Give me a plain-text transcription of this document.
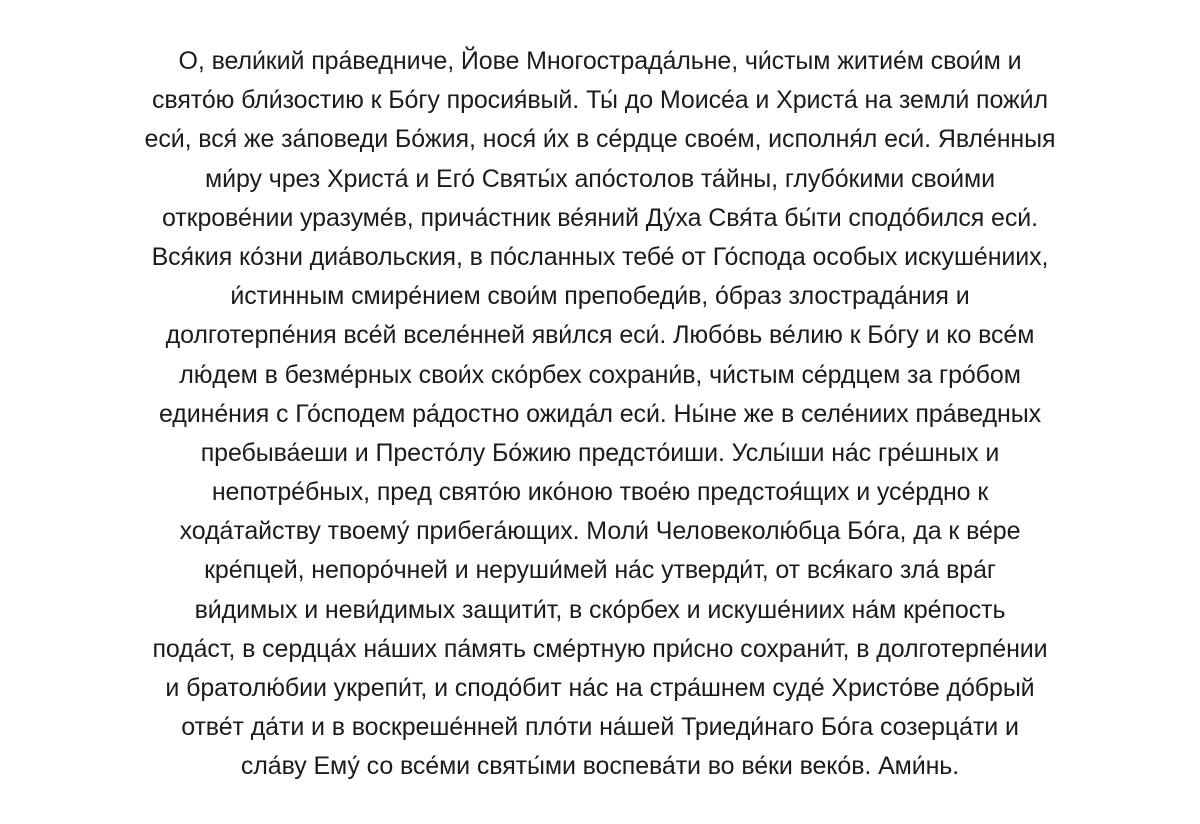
О, вели́кий пра́ведниче, Йове Многострада́льне, чи́стым житие́м свои́м и
свято́ю бли́зостию к Бо́гу просия́вый. Ты́ до Моисе́а и Христа́ на земли́ пожи́л
еси́, вся́ же за́поведи Бо́жия, нося́ и́х в се́рдце свое́м, исполня́л еси́. Явле́нныя
ми́ру чрез Христа́ и Его́ Святы́х апо́столов та́йны, глубо́кими свои́ми
открове́нии уразуме́в, прича́стник ве́яний Ду́ха Свя́та бы́ти сподо́бился еси́.
Вся́кия ко́зни диа́вольския, в по́сланных тебе́ от Го́спода особых искуше́ниих,
и́стинным смире́нием свои́м препобеди́в, о́браз злострада́ния и
долготерпе́ния все́й вселе́нней яви́лся еси́. Любо́вь ве́лию к Бо́гу и ко все́м
лю́дем в безме́рных свои́х ско́рбех сохрани́в, чи́стым се́рдцем за гро́бом
едине́ния с Го́сподем ра́достно ожида́л еси́. Ны́не же в селе́ниих пра́ведных
пребыва́еши и Престо́лу Бо́жию предсто́иши. Услы́ши на́с гре́шных и
непотре́бных, пред свято́ю ико́ною твое́ю предстоя́щих и усе́рдно к
хода́тайству твоему́ прибега́ющих. Моли́ Человеколю́бца Бо́га, да к ве́ре
кре́пцей, непоро́чней и неруши́мей на́с утверди́т, от вся́каго зла́ вра́г
ви́димых и неви́димых защити́т, в ско́рбех и искуше́ниих на́м кре́пость
пода́ст, в сердца́х на́ших па́мять сме́ртную при́сно сохрани́т, в долготерпе́нии
и братолю́бии укрепи́т, и сподо́бит на́с на стра́шнем суде́ Христо́ве до́брый
отве́т да́ти и в воскреше́нней пло́ти на́шей Триеди́наго Бо́га созерца́ти и
сла́ву Ему́ со все́ми святы́ми воспева́ти во ве́ки веко́в. Ами́нь.
